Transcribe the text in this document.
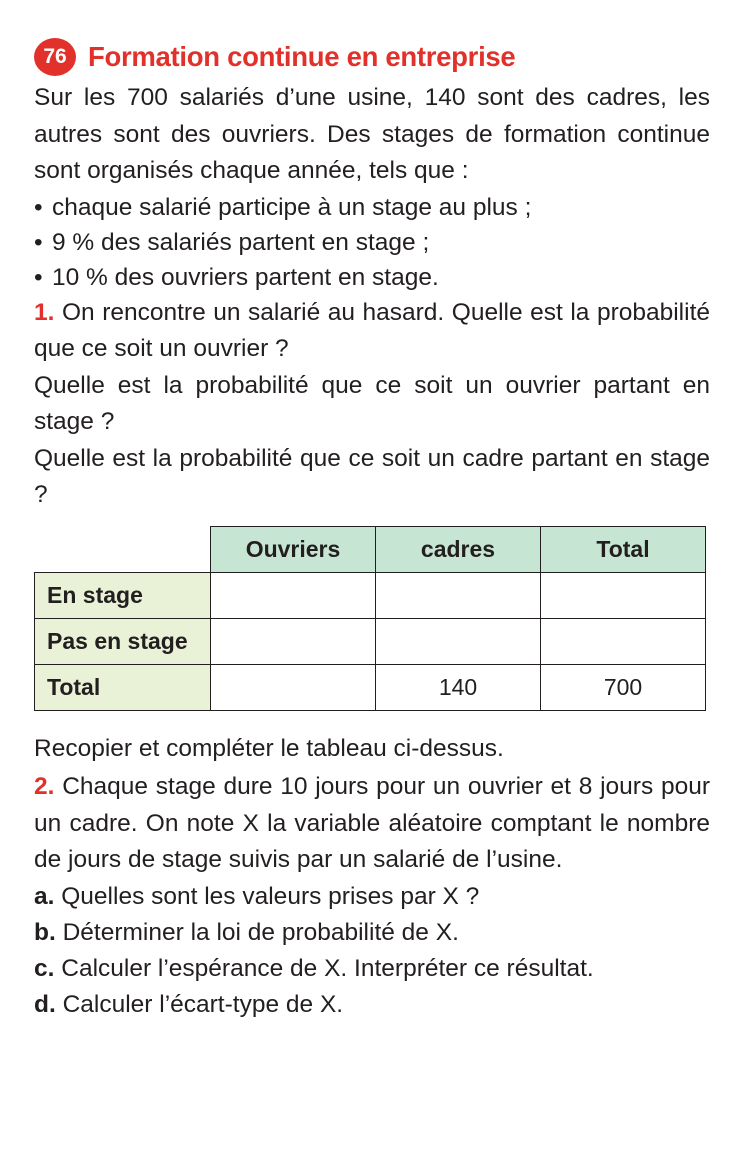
76 Formation continue en entreprise

Sur les 700 salariés d’une usine, 140 sont des cadres, les autres sont des ouvriers. Des stages de formation continue sont organisés chaque année, tels que :

• chaque salarié participe à un stage au plus ;
• 9 % des salariés partent en stage ;
• 10 % des ouvriers partent en stage.

1. On rencontre un salarié au hasard. Quelle est la probabilité que ce soit un ouvrier ?

Quelle est la probabilité que ce soit un ouvrier partant en stage ?

Quelle est la probabilité que ce soit un cadre partant en stage ?

	Ouvriers	cadres	Total
En stage			
Pas en stage			
Total		140	700

Recopier et compléter le tableau ci-dessus.

2. Chaque stage dure 10 jours pour un ouvrier et 8 jours pour un cadre. On note X la variable aléatoire comptant le nombre de jours de stage suivis par un salarié de l’usine.

a. Quelles sont les valeurs prises par X ?

b. Déterminer la loi de probabilité de X.

c. Calculer l’espérance de X. Interpréter ce résultat.

d. Calculer l’écart-type de X.
